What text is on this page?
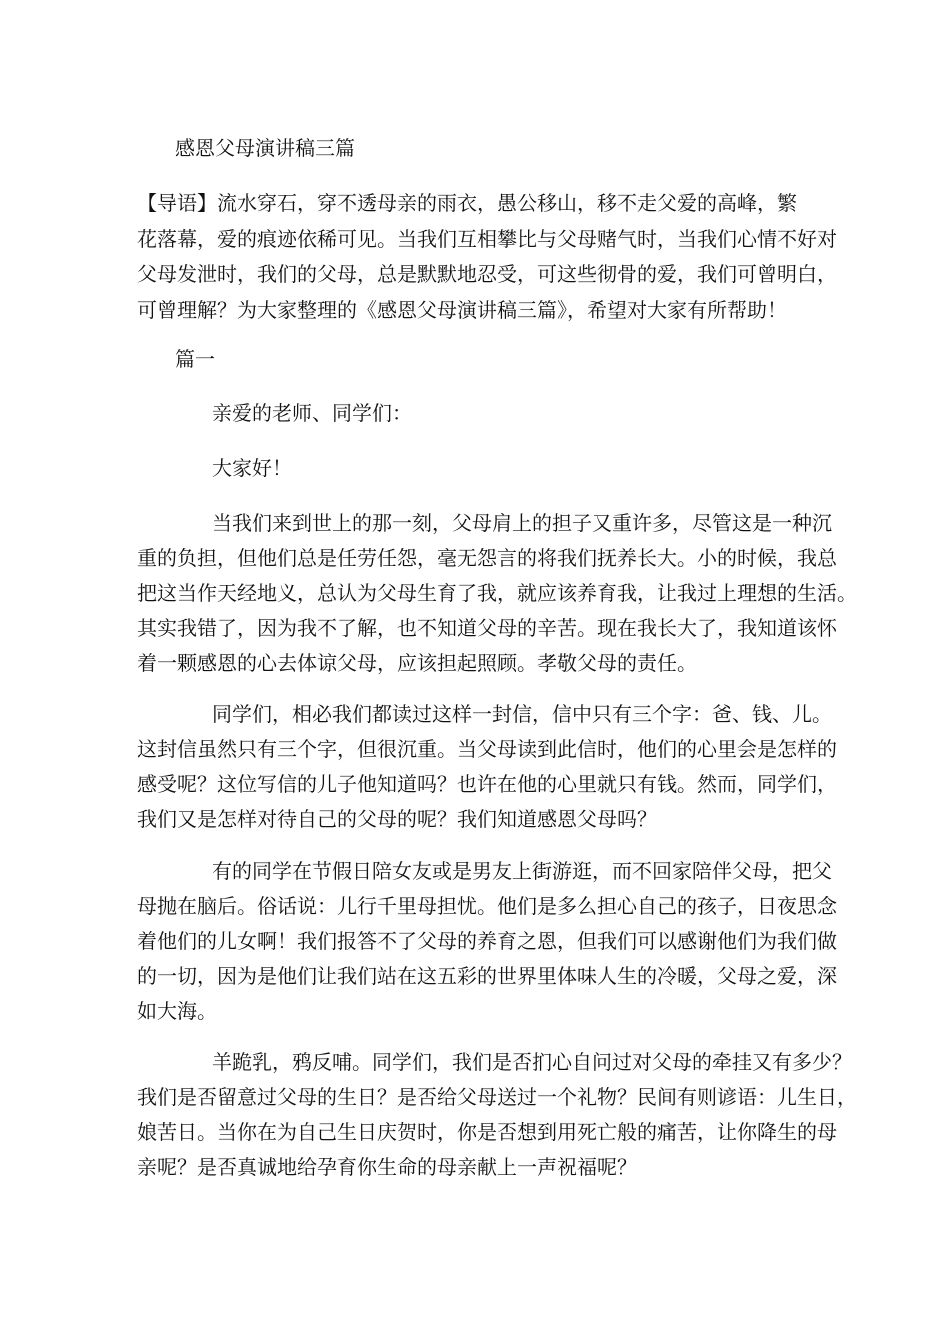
感恩父母演讲稿三篇

【导语】流水穿石，穿不透母亲的雨衣，愚公移山，移不走父爱的高峰，繁

花落幕，爱的痕迹依稀可见。当我们互相攀比与父母赌气时，当我们心情不好对

父母发泄时，我们的父母，总是默默地忍受，可这些彻骨的爱，我们可曾明白，

可曾理解？为大家整理的《感恩父母演讲稿三篇》，希望对大家有所帮助！

篇一

亲爱的老师、同学们：

大家好！

当我们来到世上的那一刻，父母肩上的担子又重许多，尽管这是一种沉

重的负担，但他们总是任劳任怨，毫无怨言的将我们抚养长大。小的时候，我总

把这当作天经地义，总认为父母生育了我，就应该养育我，让我过上理想的生活。

其实我错了，因为我不了解，也不知道父母的辛苦。现在我长大了，我知道该怀

着一颗感恩的心去体谅父母，应该担起照顾。孝敬父母的责任。

同学们，相必我们都读过这样一封信，信中只有三个字：爸、钱、儿。

这封信虽然只有三个字，但很沉重。当父母读到此信时，他们的心里会是怎样的

感受呢？这位写信的儿子他知道吗？也许在他的心里就只有钱。然而，同学们，

我们又是怎样对待自己的父母的呢？我们知道感恩父母吗？

有的同学在节假日陪女友或是男友上街游逛，而不回家陪伴父母，把父

母抛在脑后。俗话说：儿行千里母担忧。他们是多么担心自己的孩子，日夜思念

着他们的儿女啊！我们报答不了父母的养育之恩，但我们可以感谢他们为我们做

的一切，因为是他们让我们站在这五彩的世界里体味人生的冷暖，父母之爱，深

如大海。

羊跪乳，鸦反哺。同学们，我们是否扪心自问过对父母的牵挂又有多少？

我们是否留意过父母的生日？是否给父母送过一个礼物？民间有则谚语：儿生日，

娘苦日。当你在为自己生日庆贺时，你是否想到用死亡般的痛苦，让你降生的母

亲呢？是否真诚地给孕育你生命的母亲献上一声祝福呢？
